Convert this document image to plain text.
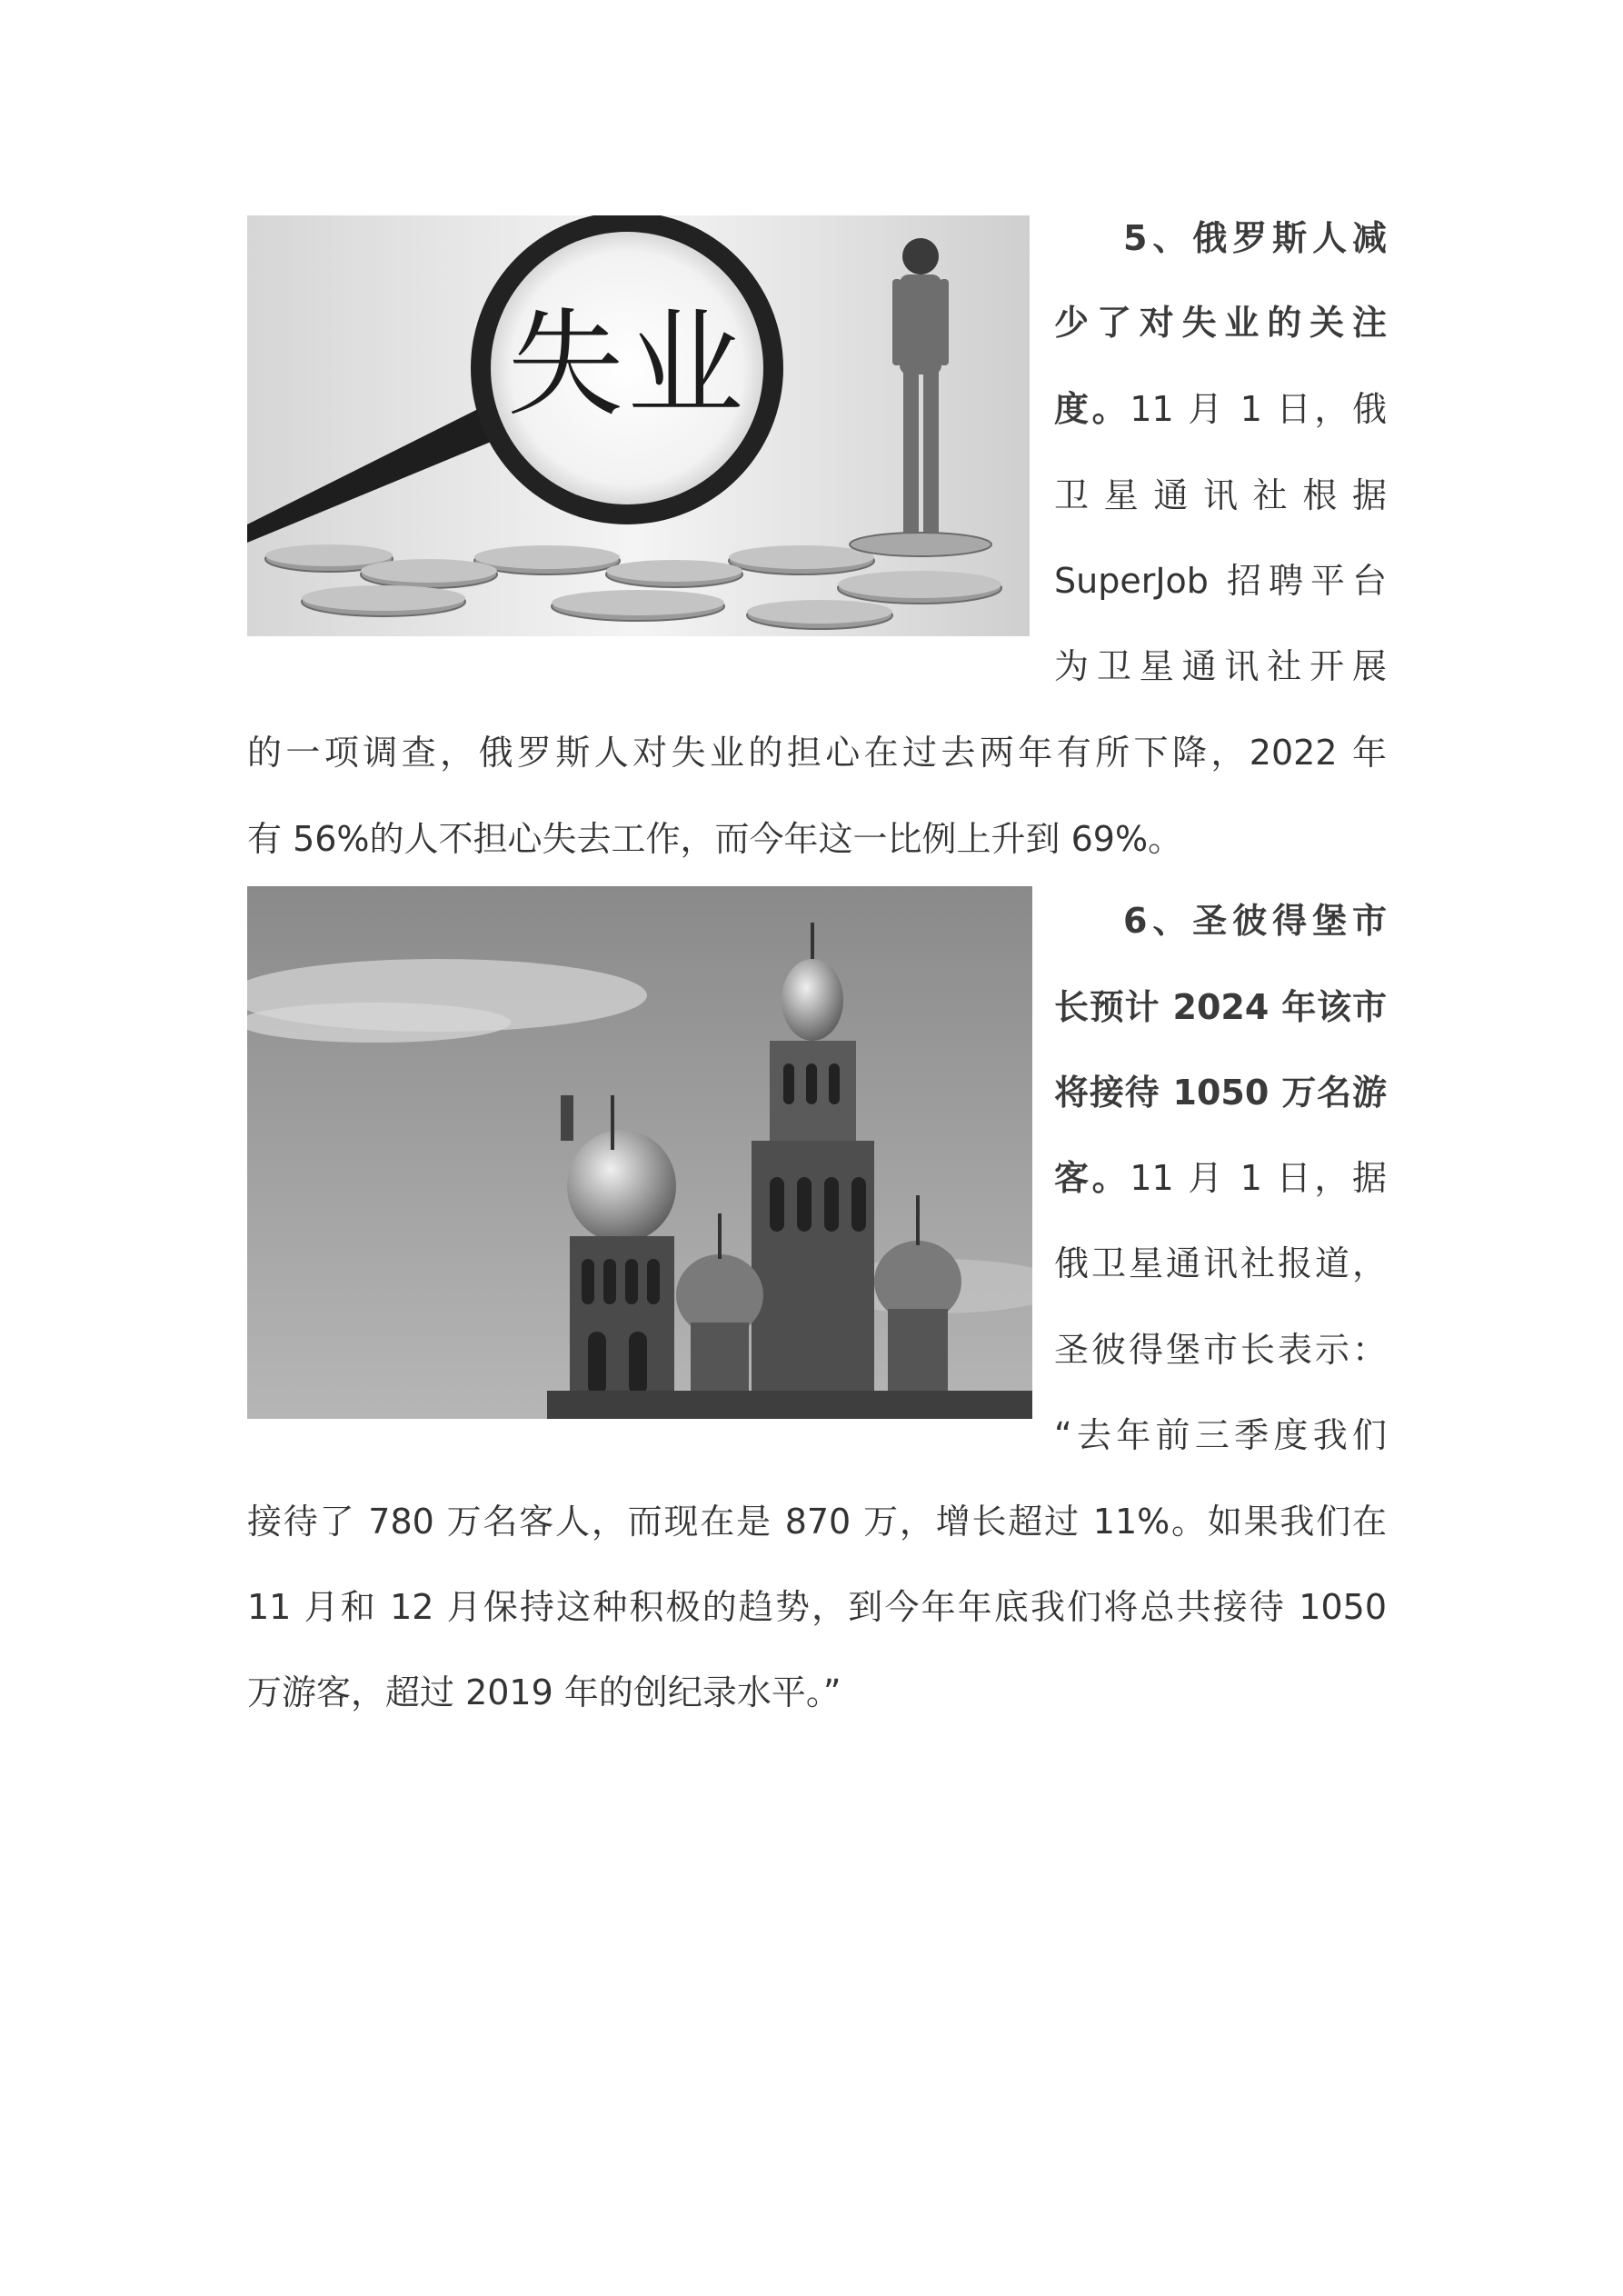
失业
5、俄罗斯人减
少了对失业的关注
度。11 月 1 日，俄
卫星通讯社根据
SuperJob 招聘平台
为卫星通讯社开展
的一项调查，俄罗斯人对失业的担心在过去两年有所下降，2022 年
有 56%的人不担心失去工作，而今年这一比例上升到 69%。
6、圣彼得堡市
长预计 2024 年该市
将接待 1050 万名游
客。11 月 1 日，据
俄卫星通讯社报道，
圣彼得堡市长表示：
“去年前三季度我们
接待了 780 万名客人，而现在是 870 万，增长超过 11%。如果我们在
11 月和 12 月保持这种积极的趋势，到今年年底我们将总共接待 1050
万游客，超过 2019 年的创纪录水平。”
